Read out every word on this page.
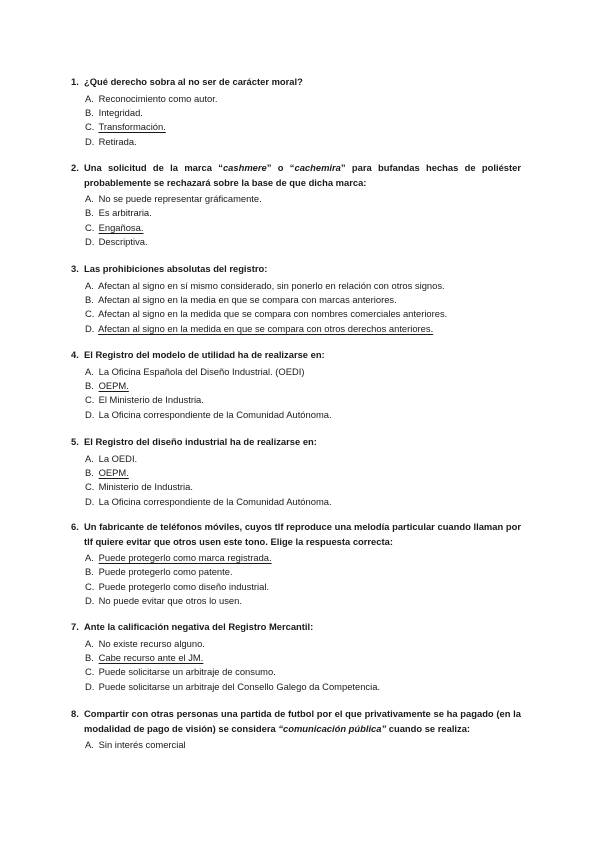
1. ¿Qué derecho sobra al no ser de carácter moral?
A. Reconocimiento como autor.
B. Integridad.
C. Transformación.
D. Retirada.
2. Una solicitud de la marca “cashmere” o “cachemira” para bufandas hechas de poliéster probablemente se rechazará sobre la base de que dicha marca:
A. No se puede representar gráficamente.
B. Es arbitraria.
C. Engañosa.
D. Descriptiva.
3. Las prohibiciones absolutas del registro:
A. Afectan al signo en sí mismo considerado, sin ponerlo en relación con otros signos.
B. Afectan al signo en la media en que se compara con marcas anteriores.
C. Afectan al signo en la medida que se compara con nombres comerciales anteriores.
D. Afectan al signo en la medida en que se compara con otros derechos anteriores.
4. El Registro del modelo de utilidad ha de realizarse en:
A. La Oficina Española del Diseño Industrial. (OEDI)
B. OEPM.
C. El Ministerio de Industria.
D. La Oficina correspondiente de la Comunidad Autónoma.
5. El Registro del diseño industrial ha de realizarse en:
A. La OEDI.
B. OEPM.
C. Ministerio de Industria.
D. La Oficina correspondiente de la Comunidad Autónoma.
6. Un fabricante de teléfonos móviles, cuyos tlf reproduce una melodía particular cuando llaman por tlf quiere evitar que otros usen este tono. Elige la respuesta correcta:
A. Puede protegerlo como marca registrada.
B. Puede protegerlo como patente.
C. Puede protegerlo como diseño industrial.
D. No puede evitar que otros lo usen.
7. Ante la calificación negativa del Registro Mercantil:
A. No existe recurso alguno.
B. Cabe recurso ante el JM.
C. Puede solicitarse un arbitraje de consumo.
D. Puede solicitarse un arbitraje del Consello Galego da Competencia.
8. Compartir con otras personas una partida de futbol por el que privativamente se ha pagado (en la modalidad de pago de visión) se considera “comunicación pública” cuando se realiza:
A. Sin interés comercial
